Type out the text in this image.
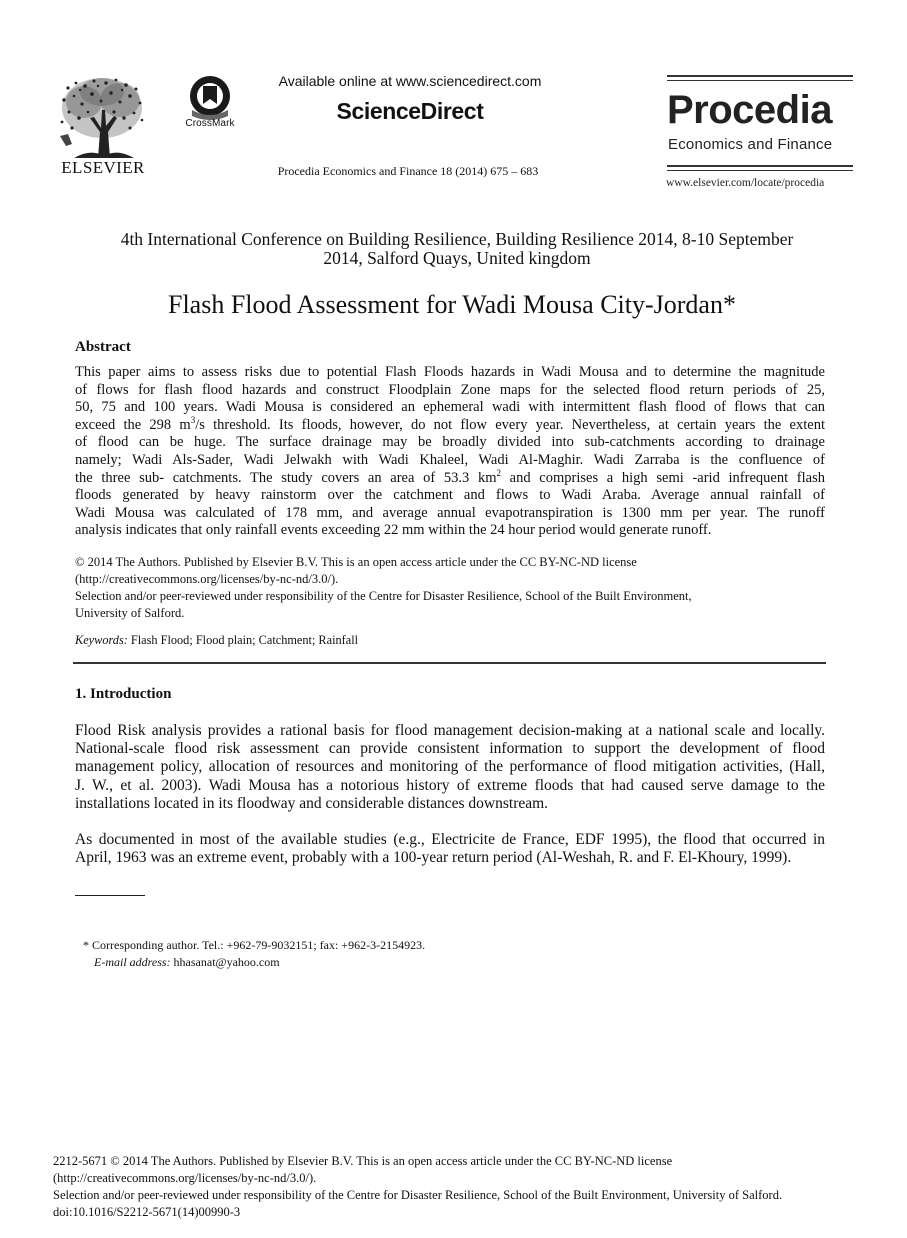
ELSEVIER
CrossMark
Available online at www.sciencedirect.com
ScienceDirect
Procedia Economics and Finance 18 (2014) 675 – 683
Procedia
Economics and Finance
www.elsevier.com/locate/procedia
4th International Conference on Building Resilience, Building Resilience 2014, 8-10 September
2014, Salford Quays, United kingdom
Flash Flood Assessment for Wadi Mousa City-Jordan*
Abstract
This paper aims to assess risks due to potential Flash Floods hazards in Wadi Mousa and to determine the magnitude
of flows for flash flood hazards and construct Floodplain Zone maps for the selected flood return periods of 25,
50, 75 and 100 years. Wadi Mousa is considered an ephemeral wadi with intermittent flash flood of flows that can
exceed the 298 $m^3/s$ threshold. Its floods, however, do not flow every year. Nevertheless, at certain years the extent
of flood can be huge. The surface drainage may be broadly divided into sub-catchments according to drainage
namely; Wadi Als-Sader, Wadi Jelwakh with Wadi Khaleel, Wadi Al-Maghir. Wadi Zarraba is the confluence of
the three sub- catchments. The study covers an area of 53.3 $km^2$ and comprises a high semi -arid infrequent flash
floods generated by heavy rainstorm over the catchment and flows to Wadi Araba. Average annual rainfall of
Wadi Mousa was calculated of 178 mm, and average annual evapotranspiration is 1300 mm per year. The runoff
analysis indicates that only rainfall events exceeding 22 mm within the 24 hour period would generate runoff.
© 2014 The Authors. Published by Elsevier B.V. This is an open access article under the CC BY-NC-ND license
(http://creativecommons.org/licenses/by-nc-nd/3.0/).
Selection and/or peer-reviewed under responsibility of the Centre for Disaster Resilience, School of the Built Environment,
University of Salford.
Keywords: Flash Flood; Flood plain; Catchment; Rainfall
1. Introduction
Flood Risk analysis provides a rational basis for flood management decision-making at a national scale and locally.
National-scale flood risk assessment can provide consistent information to support the development of flood
management policy, allocation of resources and monitoring of the performance of flood mitigation activities, (Hall,
J. W., et al. 2003). Wadi Mousa has a notorious history of extreme floods that had caused serve damage to the
installations located in its floodway and considerable distances downstream.
As documented in most of the available studies (e.g., Electricite de France, EDF 1995), the flood that occurred in
April, 1963 was an extreme event, probably with a 100-year return period (Al-Weshah, R. and F. El-Khoury, 1999).
* Corresponding author. Tel.: +962-79-9032151; fax: +962-3-2154923.
E-mail address: hhasanat@yahoo.com
2212-5671 © 2014 The Authors. Published by Elsevier B.V. This is an open access article under the CC BY-NC-ND license
(http://creativecommons.org/licenses/by-nc-nd/3.0/).
Selection and/or peer-reviewed under responsibility of the Centre for Disaster Resilience, School of the Built Environment, University of Salford.
doi:10.1016/S2212-5671(14)00990-3
